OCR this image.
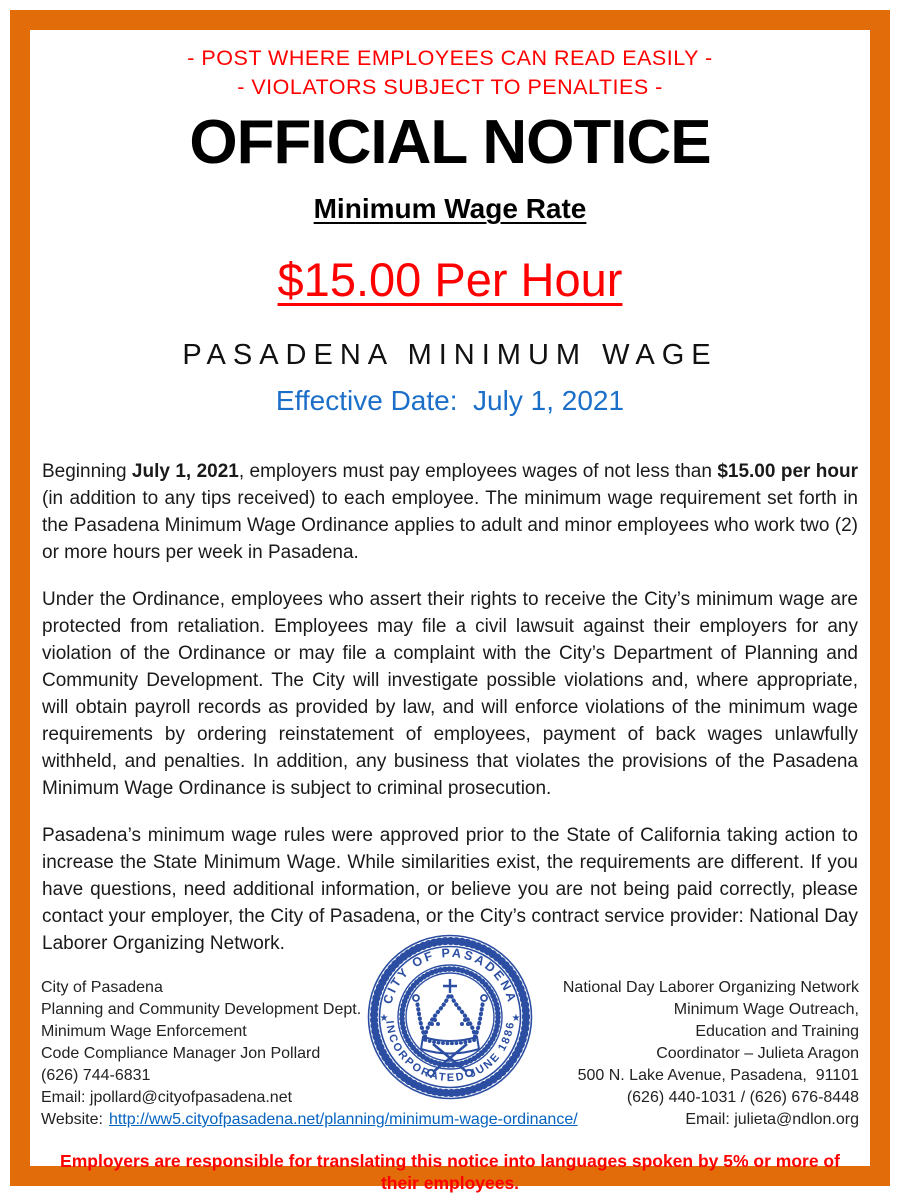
- POST WHERE EMPLOYEES CAN READ EASILY -
- VIOLATORS SUBJECT TO PENALTIES -
OFFICIAL NOTICE
Minimum Wage Rate
$15.00 Per Hour
PASADENA MINIMUM WAGE
Effective Date:  July 1, 2021

Beginning July 1, 2021, employers must pay employees wages of not less than $15.00 per hour (in addition to any tips received) to each employee. The minimum wage requirement set forth in the Pasadena Minimum Wage Ordinance applies to adult and minor employees who work two (2) or more hours per week in Pasadena.

Under the Ordinance, employees who assert their rights to receive the City’s minimum wage are protected from retaliation. Employees may file a civil lawsuit against their employers for any violation of the Ordinance or may file a complaint with the City’s Department of Planning and Community Development. The City will investigate possible violations and, where appropriate, will obtain payroll records as provided by law, and will enforce violations of the minimum wage requirements by ordering reinstatement of employees, payment of back wages unlawfully withheld, and penalties. In addition, any business that violates the provisions of the Pasadena Minimum Wage Ordinance is subject to criminal prosecution.

Pasadena’s minimum wage rules were approved prior to the State of California taking action to increase the State Minimum Wage. While similarities exist, the requirements are different. If you have questions, need additional information, or believe you are not being paid correctly, please contact your employer, the City of Pasadena, or the City’s contract service provider: National Day Laborer Organizing Network.

CITY OF PASADENA
INCORPORATED JUNE 1886
★	★
City of Pasadena
Planning and Community Development Dept.
Minimum Wage Enforcement
Code Compliance Manager Jon Pollard
(626) 744-6831
Email: jpollard@cityofpasadena.net
Website: http://ww5.cityofpasadena.net/planning/minimum-wage-ordinance/
National Day Laborer Organizing Network
Minimum Wage Outreach,
Education and Training
Coordinator – Julieta Aragon
500 N. Lake Avenue, Pasadena,  91101
(626) 440-1031 / (626) 676-8448
Email: julieta@ndlon.org
Employers are responsible for translating this notice into languages spoken by 5% or more of their employees.
